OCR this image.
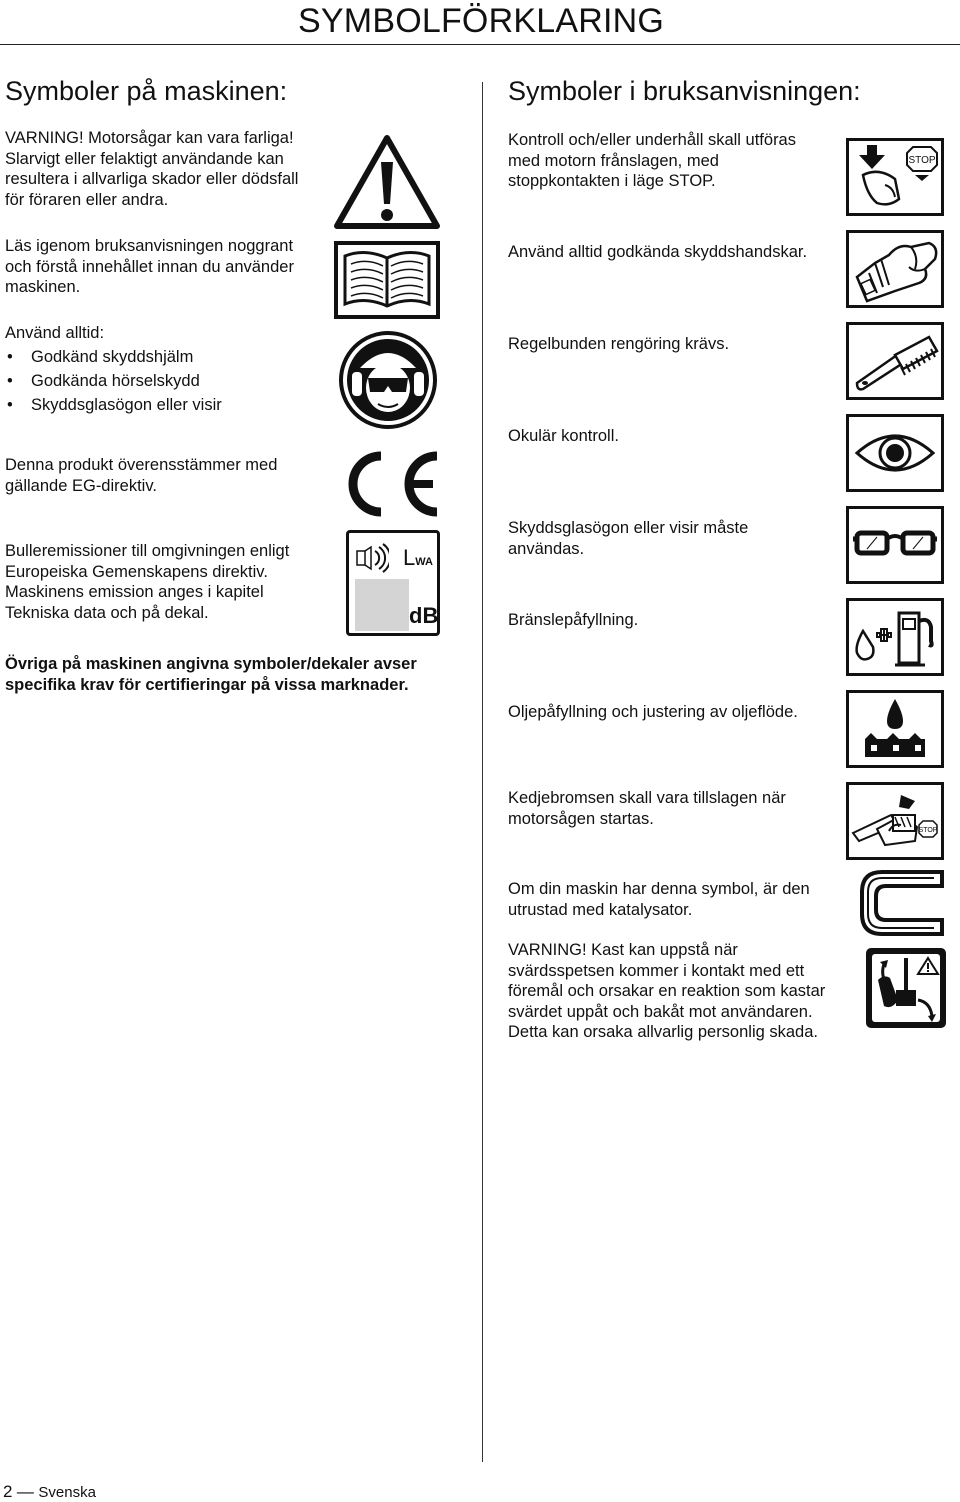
SYMBOLFÖRKLARING
Symboler på maskinen:
VARNING! Motorsågar kan vara farliga!
Slarvigt eller felaktigt användande kan
resultera i allvarliga skador eller dödsfall
för föraren eller andra.
Läs igenom bruksanvisningen noggrant
och förstå innehållet innan du använder
maskinen.
Använd alltid:
• Godkänd skyddshjälm
• Godkända hörselskydd
• Skyddsglasögon eller visir
Denna produkt överensstämmer med
gällande EG-direktiv.
Bulleremissioner till omgivningen enligt
Europeiska Gemenskapens direktiv.
Maskinens emission anges i kapitel
Tekniska data och på dekal.
LWA
dB
Övriga på maskinen angivna symboler/dekaler avser
specifika krav för certifieringar på vissa marknader.
Symboler i bruksanvisningen:
Kontroll och/eller underhåll skall utföras
med motorn frånslagen, med
stoppkontakten i läge STOP.
STOP
Använd alltid godkända skyddshandskar.
Regelbunden rengöring krävs.
Okulär kontroll.
Skyddsglasögon eller visir måste
användas.
Bränslepåfyllning.
Oljepåfyllning och justering av oljeflöde.
Kedjebromsen skall vara tillslagen när
motorsågen startas.
STOP
Om din maskin har denna symbol, är den
utrustad med katalysator.
VARNING! Kast kan uppstå när
svärdsspetsen kommer i kontakt med ett
föremål och orsakar en reaktion som kastar
svärdet uppåt och bakåt mot användaren.
Detta kan orsaka allvarlig personlig skada.
2 — Svenska
